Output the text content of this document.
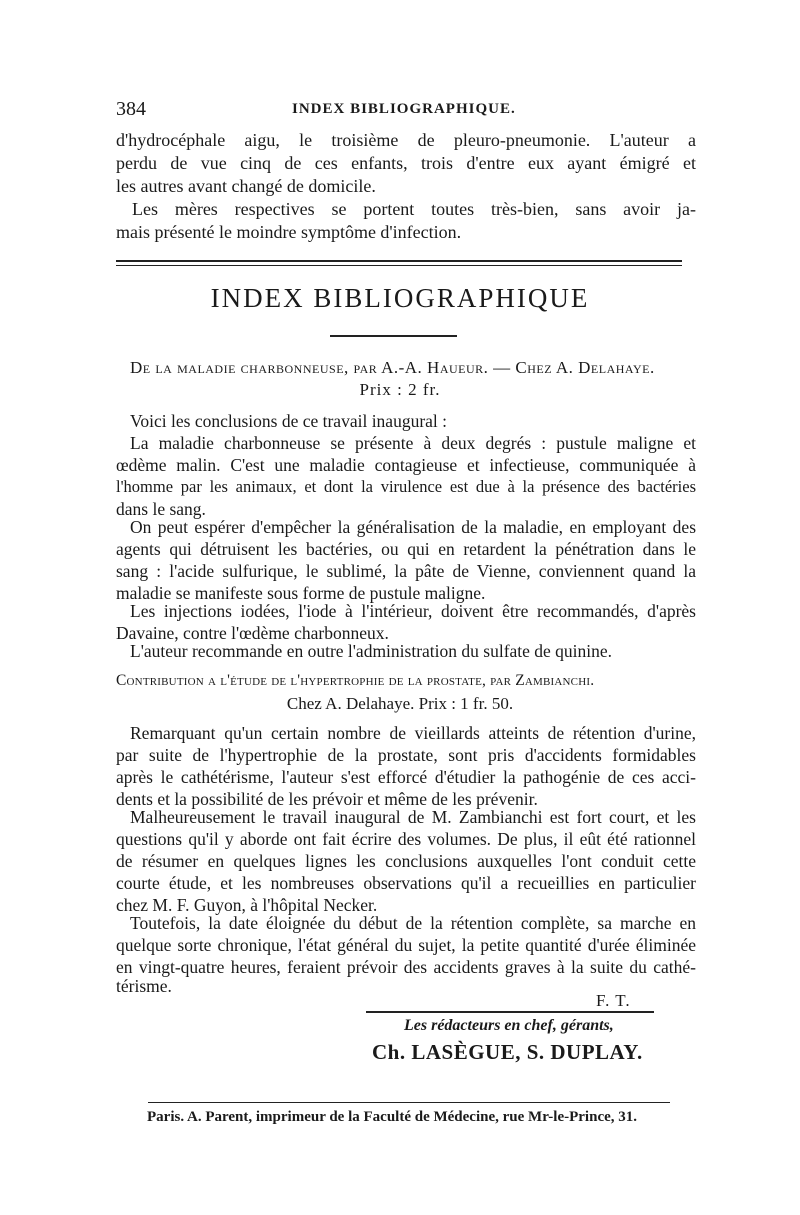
384	INDEX BIBLIOGRAPHIQUE.
d'hydrocéphale aigu, le troisième de pleuro-pneumonie. L'auteur a
perdu de vue cinq de ces enfants, trois d'entre eux ayant émigré et
les autres avant changé de domicile.
Les mères respectives se portent toutes très-bien, sans avoir ja-
mais présenté le moindre symptôme d'infection.
INDEX BIBLIOGRAPHIQUE
De la maladie charbonneuse, par A.-A. Haueur. — Chez A. Delahaye.
Prix : 2 fr.
Voici les conclusions de ce travail inaugural :
La maladie charbonneuse se présente à deux degrés : pustule maligne et
œdème malin. C'est une maladie contagieuse et infectieuse, communiquée à
l'homme par les animaux, et dont la virulence est due à la présence des bactéries
dans le sang.
On peut espérer d'empêcher la généralisation de la maladie, en employant des
agents qui détruisent les bactéries, ou qui en retardent la pénétration dans le
sang : l'acide sulfurique, le sublimé, la pâte de Vienne, conviennent quand la
maladie se manifeste sous forme de pustule maligne.
Les injections iodées, l'iode à l'intérieur, doivent être recommandés, d'après
Davaine, contre l'œdème charbonneux.
L'auteur recommande en outre l'administration du sulfate de quinine.
Contribution a l'étude de l'hypertrophie de la prostate, par Zambianchi.
Chez A. Delahaye. Prix : 1 fr. 50.
Remarquant qu'un certain nombre de vieillards atteints de rétention d'urine,
par suite de l'hypertrophie de la prostate, sont pris d'accidents formidables
après le cathétérisme, l'auteur s'est efforcé d'étudier la pathogénie de ces acci-
dents et la possibilité de les prévoir et même de les prévenir.
Malheureusement le travail inaugural de M. Zambianchi est fort court, et les
questions qu'il y aborde ont fait écrire des volumes. De plus, il eût été rationnel
de résumer en quelques lignes les conclusions auxquelles l'ont conduit cette
courte étude, et les nombreuses observations qu'il a recueillies en particulier
chez M. F. Guyon, à l'hôpital Necker.
Toutefois, la date éloignée du début de la rétention complète, sa marche en
quelque sorte chronique, l'état général du sujet, la petite quantité d'urée éliminée
en vingt-quatre heures, feraient prévoir des accidents graves à la suite du cathé-
térisme.
F. T.
Les rédacteurs en chef, gérants,
Ch. LASÈGUE, S. DUPLAY.
Paris. A. Parent, imprimeur de la Faculté de Médecine, rue Mr-le-Prince, 31.
